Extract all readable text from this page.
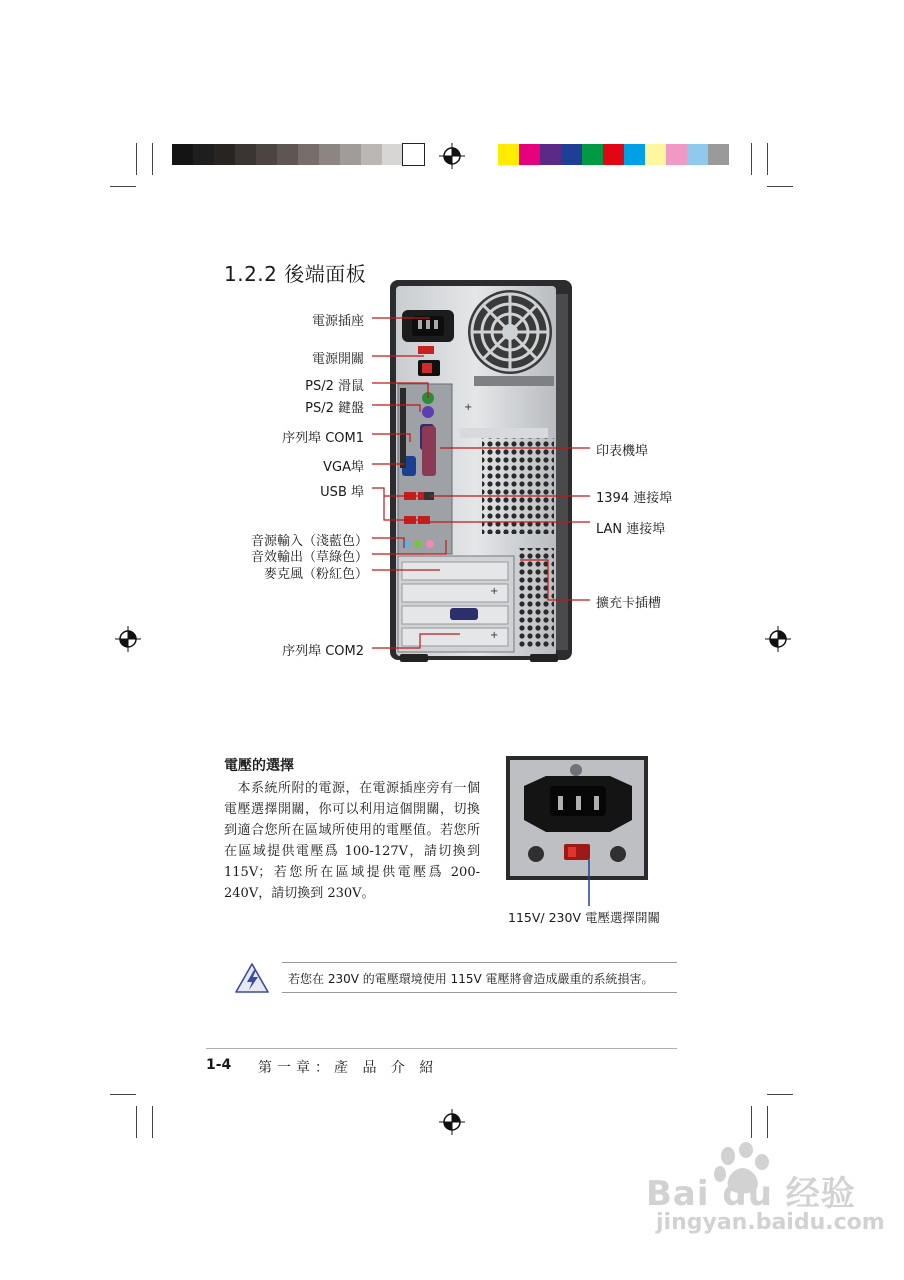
1.2.2 後端面板
+
+
+
電源插座
電源開關
PS/2 滑鼠
PS/2 鍵盤
序列埠 COM1
VGA埠
USB 埠
音源輸入（淺藍色）
音效輸出（草綠色）
麥克風（粉紅色）
序列埠 COM2
印表機埠
1394 連接埠
LAN 連接埠
擴充卡插槽
電壓的選擇
　本系統所附的電源，在電源插座旁有一個電壓選擇開關，你可以利用這個開關，切換到適合您所在區域所使用的電壓值。若您所在區域提供電壓爲 100-127V，請切換到 115V；若您所在區域提供電壓爲 200-240V，請切換到 230V。
115V/ 230V 電壓選擇開關
若您在 230V 的電壓環境使用 115V 電壓將會造成嚴重的系統損害。
1-4 第一章：產 品 介 紹
Bai du 经验
jingyan.baidu.com
